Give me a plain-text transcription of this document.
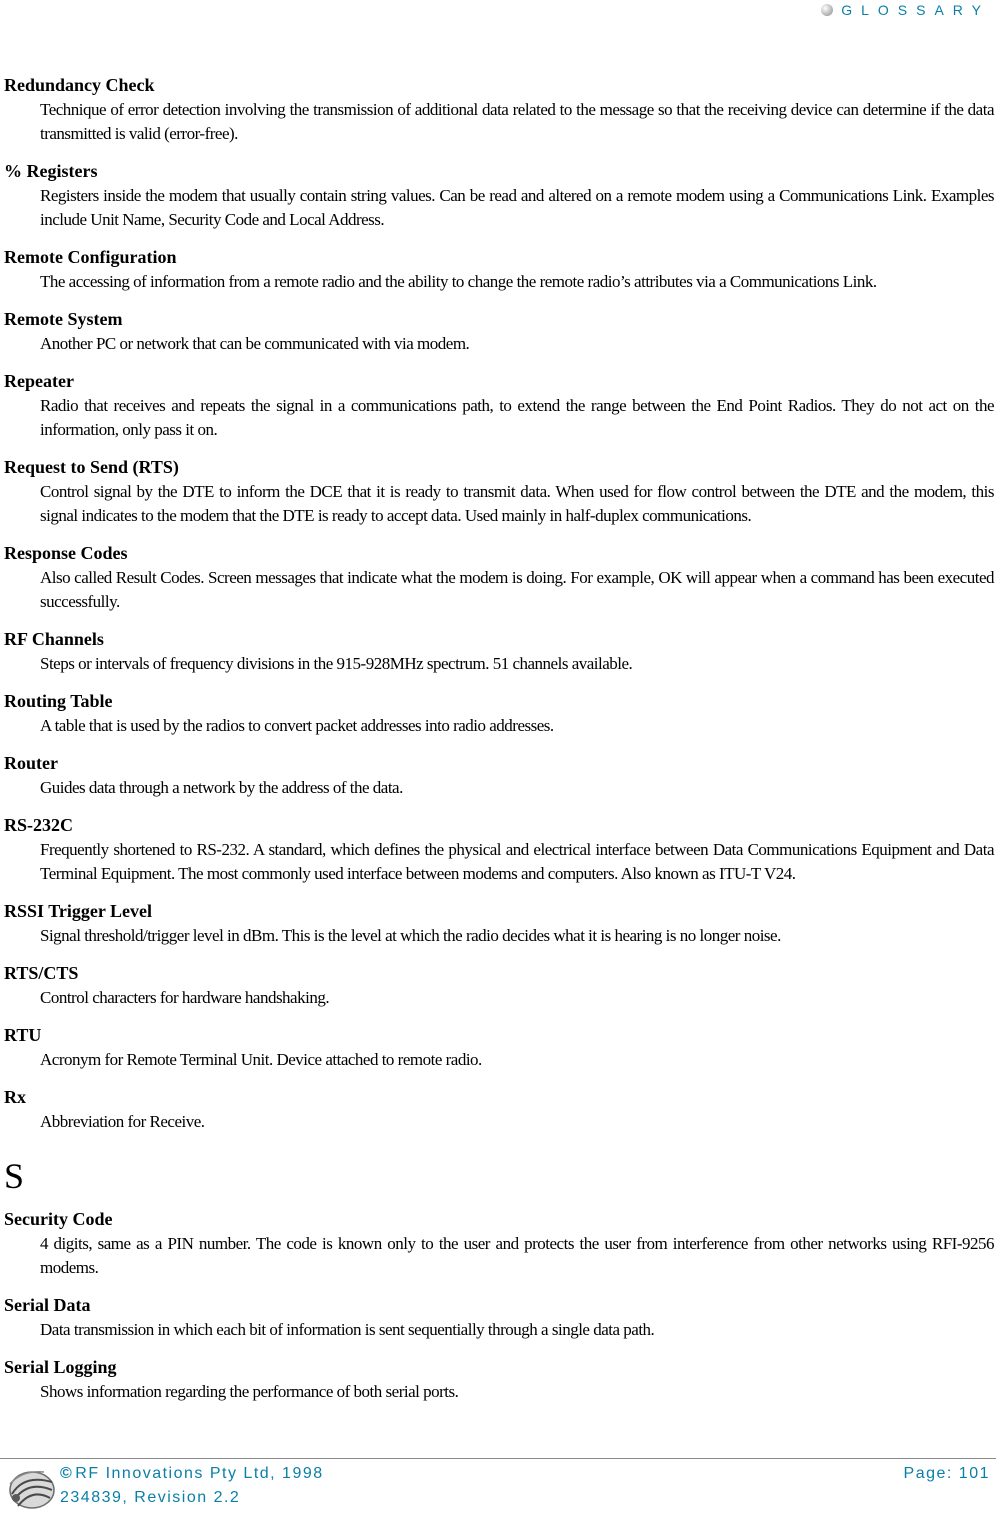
GLOSSARY

Redundancy Check

Technique of error detection involving the transmission of additional data related to the message so that the receiving device can determine if the data transmitted is valid (error-free).

% Registers

Registers inside the modem that usually contain string values. Can be read and altered on a remote modem using a Communications Link. Examples include Unit Name, Security Code and Local Address.

Remote Configuration

The accessing of information from a remote radio and the ability to change the remote radio’s attributes via a Communications Link.

Remote System

Another PC or network that can be communicated with via modem.

Repeater

Radio that receives and repeats the signal in a communications path, to extend the range between the End Point Radios. They do not act on the information, only pass it on.

Request to Send (RTS)

Control signal by the DTE to inform the DCE that it is ready to transmit data. When used for flow control between the DTE and the modem, this signal indicates to the modem that the DTE is ready to accept data. Used mainly in half-duplex communications.

Response Codes

Also called Result Codes. Screen messages that indicate what the modem is doing. For example, OK will appear when a command has been executed successfully.

RF Channels

Steps or intervals of frequency divisions in the 915-928MHz spectrum. 51 channels available.

Routing Table

A table that is used by the radios to convert packet addresses into radio addresses.

Router

Guides data through a network by the address of the data.

RS-232C

Frequently shortened to RS-232. A standard, which defines the physical and electrical interface between Data Communications Equipment and Data Terminal Equipment. The most commonly used interface between modems and computers. Also known as ITU-T V24.

RSSI Trigger Level

Signal threshold/trigger level in dBm. This is the level at which the radio decides what it is hearing is no longer noise.

RTS/CTS

Control characters for hardware handshaking.

RTU

Acronym for Remote Terminal Unit. Device attached to remote radio.

Rx

Abbreviation for Receive.

S

Security Code

4 digits, same as a PIN number. The code is known only to the user and protects the user from interference from other networks using RFI-9256 modems.

Serial Data

Data transmission in which each bit of information is sent sequentially through a single data path.

Serial Logging

Shows information regarding the performance of both serial ports.

© RF Innovations Pty Ltd, 1998
234839, Revision 2.2
Page: 101
